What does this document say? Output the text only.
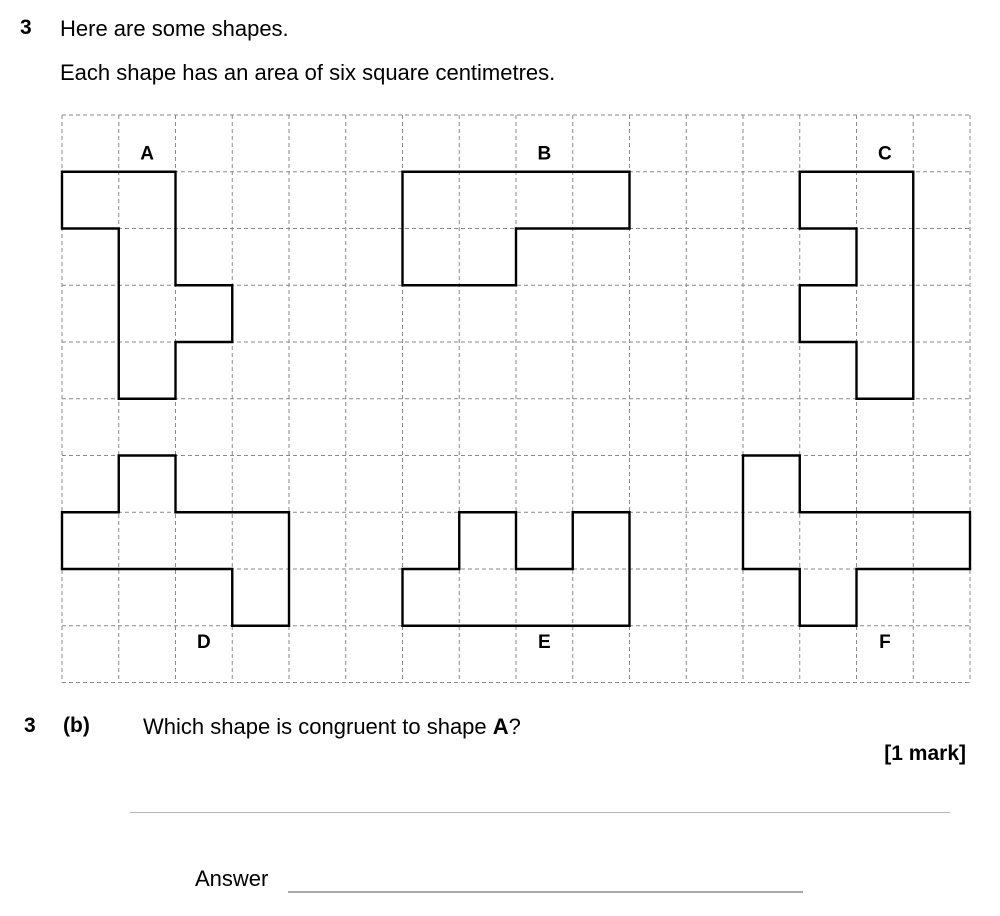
3 Here are some shapes.
Each shape has an area of six square centimetres.
A	B	C
D	E	F
3 (b) Which shape is congruent to shape A?
[1 mark]
Answer
